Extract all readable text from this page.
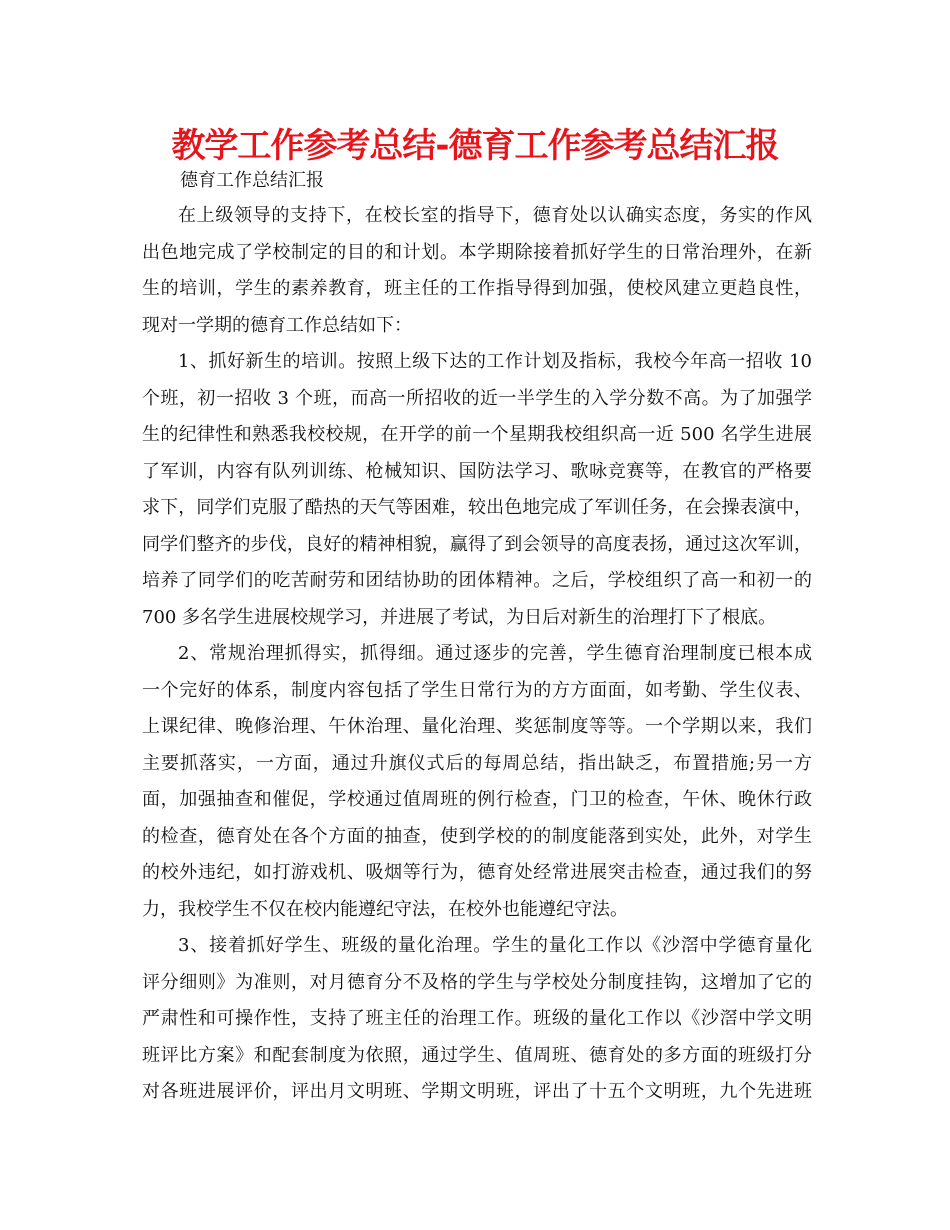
教学工作参考总结-德育工作参考总结汇报
德育工作总结汇报
在上级领导的支持下，在校长室的指导下，德育处以认确实态度，务实的作风
出色地完成了学校制定的目的和计划。本学期除接着抓好学生的日常治理外，在新
生的培训，学生的素养教育，班主任的工作指导得到加强，使校风建立更趋良性，
现对一学期的德育工作总结如下：
1、抓好新生的培训。按照上级下达的工作计划及指标，我校今年高一招收 10
个班，初一招收 3 个班，而高一所招收的近一半学生的入学分数不高。为了加强学
生的纪律性和熟悉我校校规，在开学的前一个星期我校组织高一近 500 名学生进展
了军训，内容有队列训练、枪械知识、国防法学习、歌咏竞赛等，在教官的严格要
求下，同学们克服了酷热的天气等困难，较出色地完成了军训任务，在会操表演中，
同学们整齐的步伐，良好的精神相貌，赢得了到会领导的高度表扬，通过这次军训，
培养了同学们的吃苦耐劳和团结协助的团体精神。之后，学校组织了高一和初一的
700 多名学生进展校规学习，并进展了考试，为日后对新生的治理打下了根底。
2、常规治理抓得实，抓得细。通过逐步的完善，学生德育治理制度已根本成
一个完好的体系，制度内容包括了学生日常行为的方方面面，如考勤、学生仪表、
上课纪律、晚修治理、午休治理、量化治理、奖惩制度等等。一个学期以来，我们
主要抓落实，一方面，通过升旗仪式后的每周总结，指出缺乏，布置措施;另一方
面，加强抽查和催促，学校通过值周班的例行检查，门卫的检查，午休、晚休行政
的检查，德育处在各个方面的抽查，使到学校的的制度能落到实处，此外，对学生
的校外违纪，如打游戏机、吸烟等行为，德育处经常进展突击检查，通过我们的努
力，我校学生不仅在校内能遵纪守法，在校外也能遵纪守法。
3、接着抓好学生、班级的量化治理。学生的量化工作以《沙滘中学德育量化
评分细则》为准则，对月德育分不及格的学生与学校处分制度挂钩，这增加了它的
严肃性和可操作性，支持了班主任的治理工作。班级的量化工作以《沙滘中学文明
班评比方案》和配套制度为依照，通过学生、值周班、德育处的多方面的班级打分
对各班进展评价，评出月文明班、学期文明班，评出了十五个文明班，九个先进班
